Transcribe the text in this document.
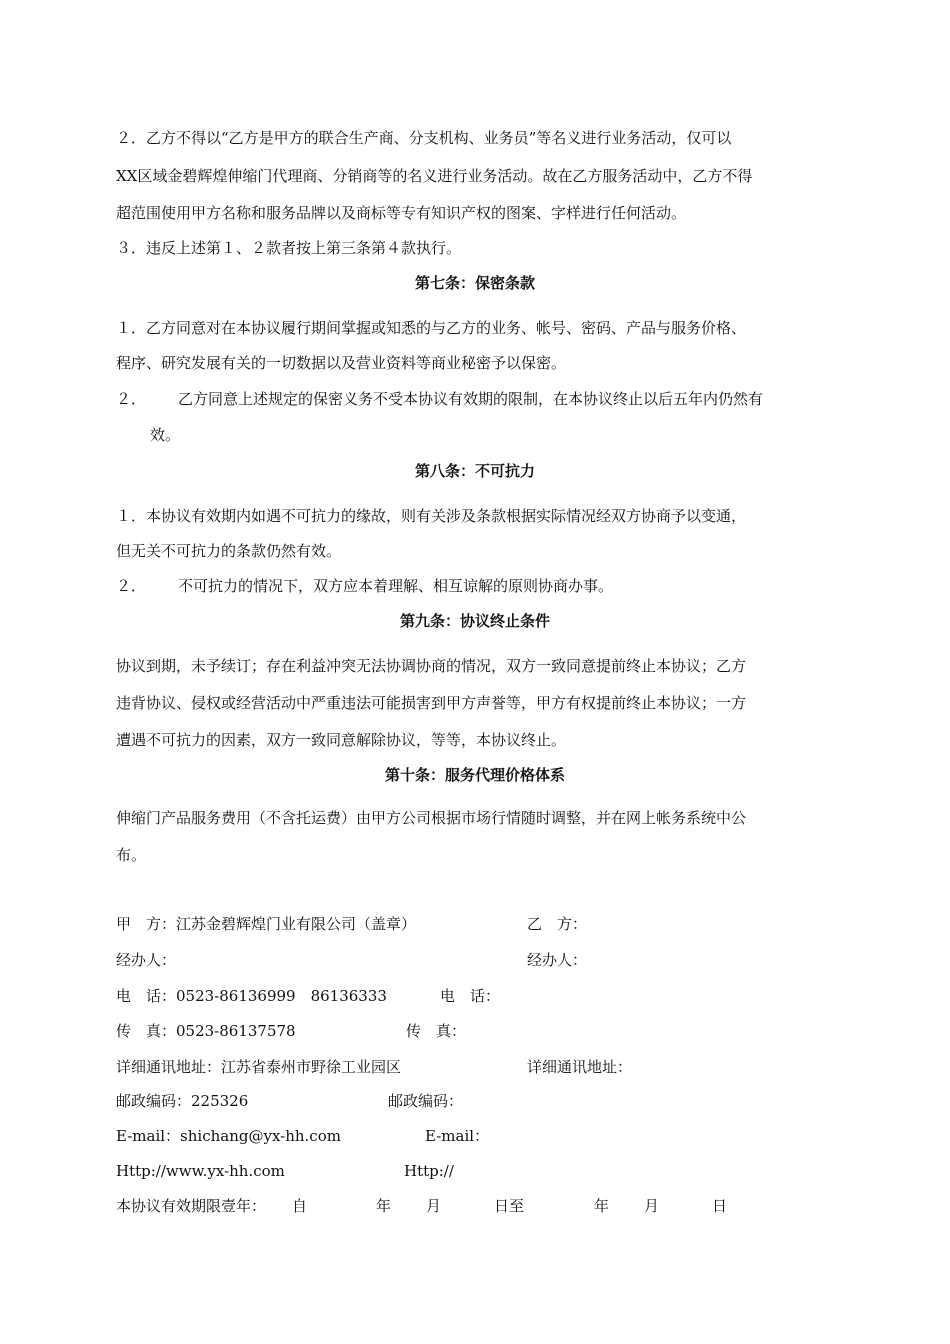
２．乙方不得以“乙方是甲方的联合生产商、分支机构、业务员”等名义进行业务活动，仅可以
XX区域金碧辉煌伸缩门代理商、分销商等的名义进行业务活动。故在乙方服务活动中，乙方不得
超范围使用甲方名称和服务品牌以及商标等专有知识产权的图案、字样进行任何活动。
３．违反上述第１、２款者按上第三条第４款执行。
第七条：保密条款
１．乙方同意对在本协议履行期间掌握或知悉的与乙方的业务、帐号、密码、产品与服务价格、
程序、研究发展有关的一切数据以及营业资料等商业秘密予以保密。
２． 乙方同意上述规定的保密义务不受本协议有效期的限制，在本协议终止以后五年内仍然有
效。
第八条：不可抗力
１．本协议有效期内如遇不可抗力的缘故，则有关涉及条款根据实际情况经双方协商予以变通，
但无关不可抗力的条款仍然有效。
２． 不可抗力的情况下，双方应本着理解、相互谅解的原则协商办事。
第九条：协议终止条件
协议到期，未予续订；存在利益冲突无法协调协商的情况，双方一致同意提前终止本协议；乙方
违背协议、侵权或经营活动中严重违法可能损害到甲方声誉等，甲方有权提前终止本协议；一方
遭遇不可抗力的因素，双方一致同意解除协议，等等，本协议终止。
第十条：服务代理价格体系
伸缩门产品服务费用（不含托运费）由甲方公司根据市场行情随时调整，并在网上帐务系统中公
布。
甲　方：江苏金碧辉煌门业有限公司（盖章）	乙　方：
经办人：	经办人：
电　话：0523-86136999　86136333	电　话：
传　真：0523-86137578	传　真：
详细通讯地址：江苏省泰州市野徐工业园区	详细通讯地址：
邮政编码：225326	邮政编码：
E-mail：shichang@yx-hh.com	E-mail：
Http://www.yx-hh.com	Http://
本协议有效期限壹年： 自	年 月	日至	年 月	日
